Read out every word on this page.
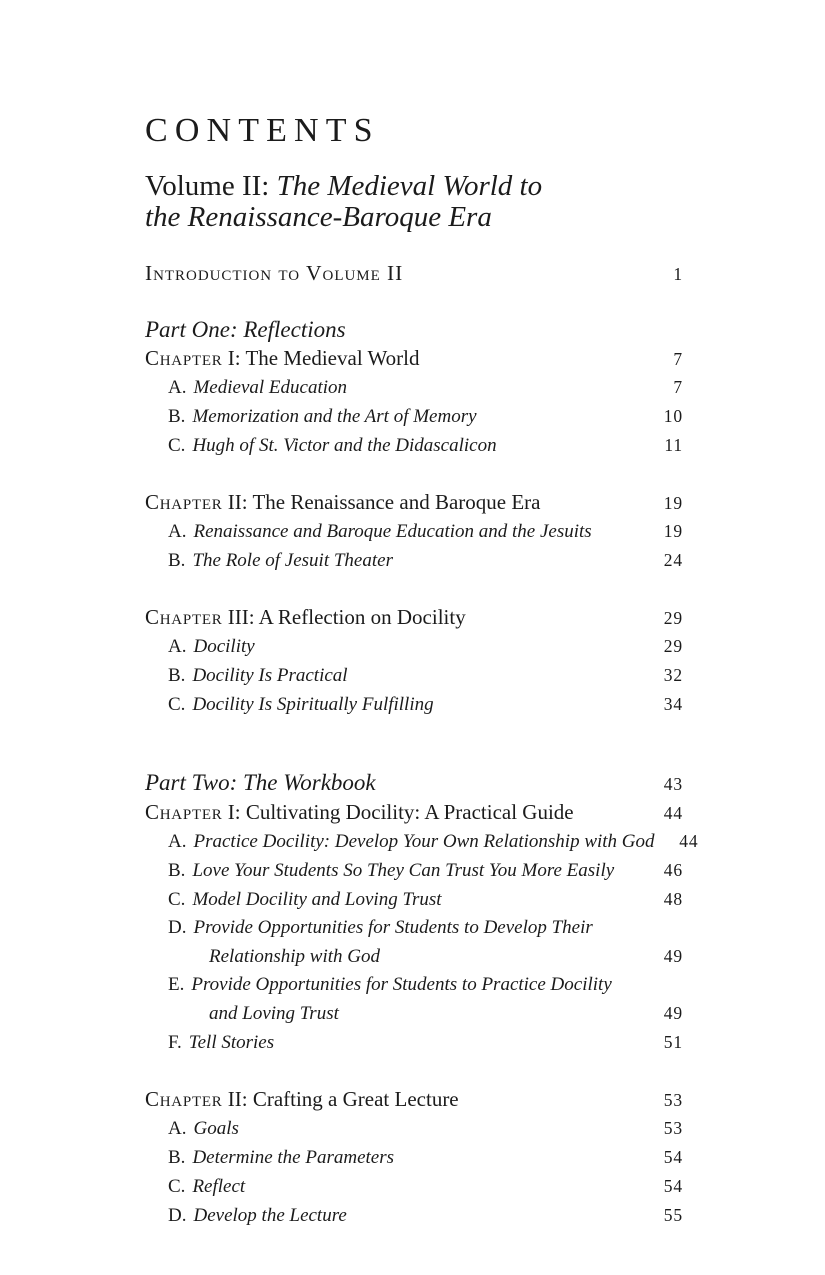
CONTENTS
Volume II: The Medieval World to
the Renaissance-Baroque Era
Introduction to Volume II	1
Part One: Reflections
Chapter I: The Medieval World	7
A. Medieval Education	7
B. Memorization and the Art of Memory	10
C. Hugh of St. Victor and the Didascalicon	11
Chapter II: The Renaissance and Baroque Era	19
A. Renaissance and Baroque Education and the Jesuits	19
B. The Role of Jesuit Theater	24
Chapter III: A Reflection on Docility	29
A. Docility	29
B. Docility Is Practical	32
C. Docility Is Spiritually Fulfilling	34
Part Two: The Workbook	43
Chapter I: Cultivating Docility: A Practical Guide	44
A. Practice Docility: Develop Your Own Relationship with God	44
B. Love Your Students So They Can Trust You More Easily	46
C. Model Docility and Loving Trust	48
D. Provide Opportunities for Students to Develop Their
Relationship with God	49
E. Provide Opportunities for Students to Practice Docility
and Loving Trust	49
F. Tell Stories	51
Chapter II: Crafting a Great Lecture	53
A. Goals	53
B. Determine the Parameters	54
C. Reflect	54
D. Develop the Lecture	55
